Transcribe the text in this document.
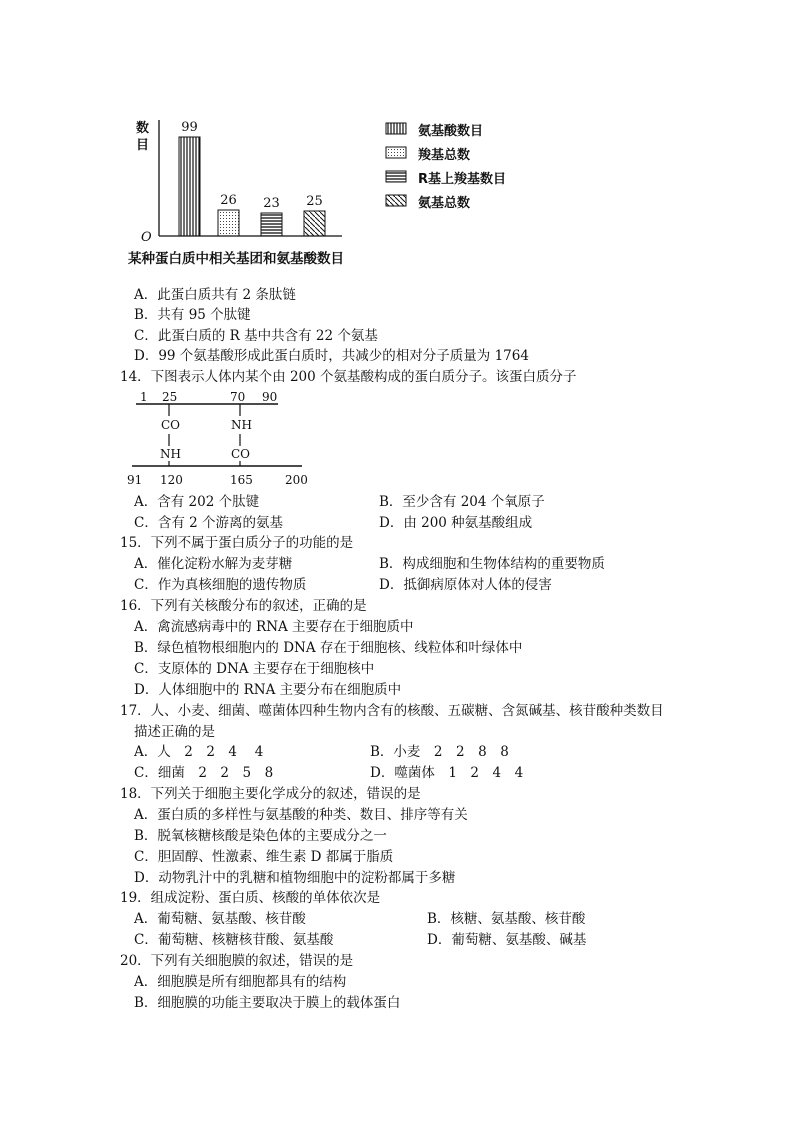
数目
O
99
26	23	25
氨基酸数目
羧基总数
R基上羧基数目
氨基总数
某种蛋白质中相关基团和氨基酸数目
A．此蛋白质共有 2 条肽链
B．共有 95 个肽键
C．此蛋白质的 R 基中共含有 22 个氨基
D．99 个氨基酸形成此蛋白质时，共减少的相对分子质量为 1764
14．下图表示人体内某个由 200 个氨基酸构成的蛋白质分子。该蛋白质分子
1 25	70 90
CO
NH
NH
CO
91 120	165	200
A．含有 202 个肽键	B．至少含有 204 个氧原子
C．含有 2 个游离的氨基	D．由 200 种氨基酸组成
15．下列不属于蛋白质分子的功能的是
A．催化淀粉水解为麦芽糖	B．构成细胞和生物体结构的重要物质
C．作为真核细胞的遗传物质	D．抵御病原体对人体的侵害
16．下列有关核酸分布的叙述，正确的是
A．禽流感病毒中的 RNA 主要存在于细胞质中
B．绿色植物根细胞内的 DNA 存在于细胞核、线粒体和叶绿体中
C．支原体的 DNA 主要存在于细胞核中
D．人体细胞中的 RNA 主要分布在细胞质中
17．人、小麦、细菌、噬菌体四种生物内含有的核酸、五碳糖、含氮碱基、核苷酸种类数目
描述正确的是
A．人　2　2　4　 4	B．小麦　2　2　8　8
C．细菌　2　2　5　8	D．噬菌体　1　2　4　4
18．下列关于细胞主要化学成分的叙述，错误的是
A．蛋白质的多样性与氨基酸的种类、数目、排序等有关
B．脱氧核糖核酸是染色体的主要成分之一
C．胆固醇、性激素、维生素 D 都属于脂质
D．动物乳汁中的乳糖和植物细胞中的淀粉都属于多糖
19．组成淀粉、蛋白质、核酸的单体依次是
A．葡萄糖、氨基酸、核苷酸	B．核糖、氨基酸、核苷酸
C．葡萄糖、核糖核苷酸、氨基酸	D．葡萄糖、氨基酸、碱基
20．下列有关细胞膜的叙述，错误的是
A．细胞膜是所有细胞都具有的结构
B．细胞膜的功能主要取决于膜上的载体蛋白
